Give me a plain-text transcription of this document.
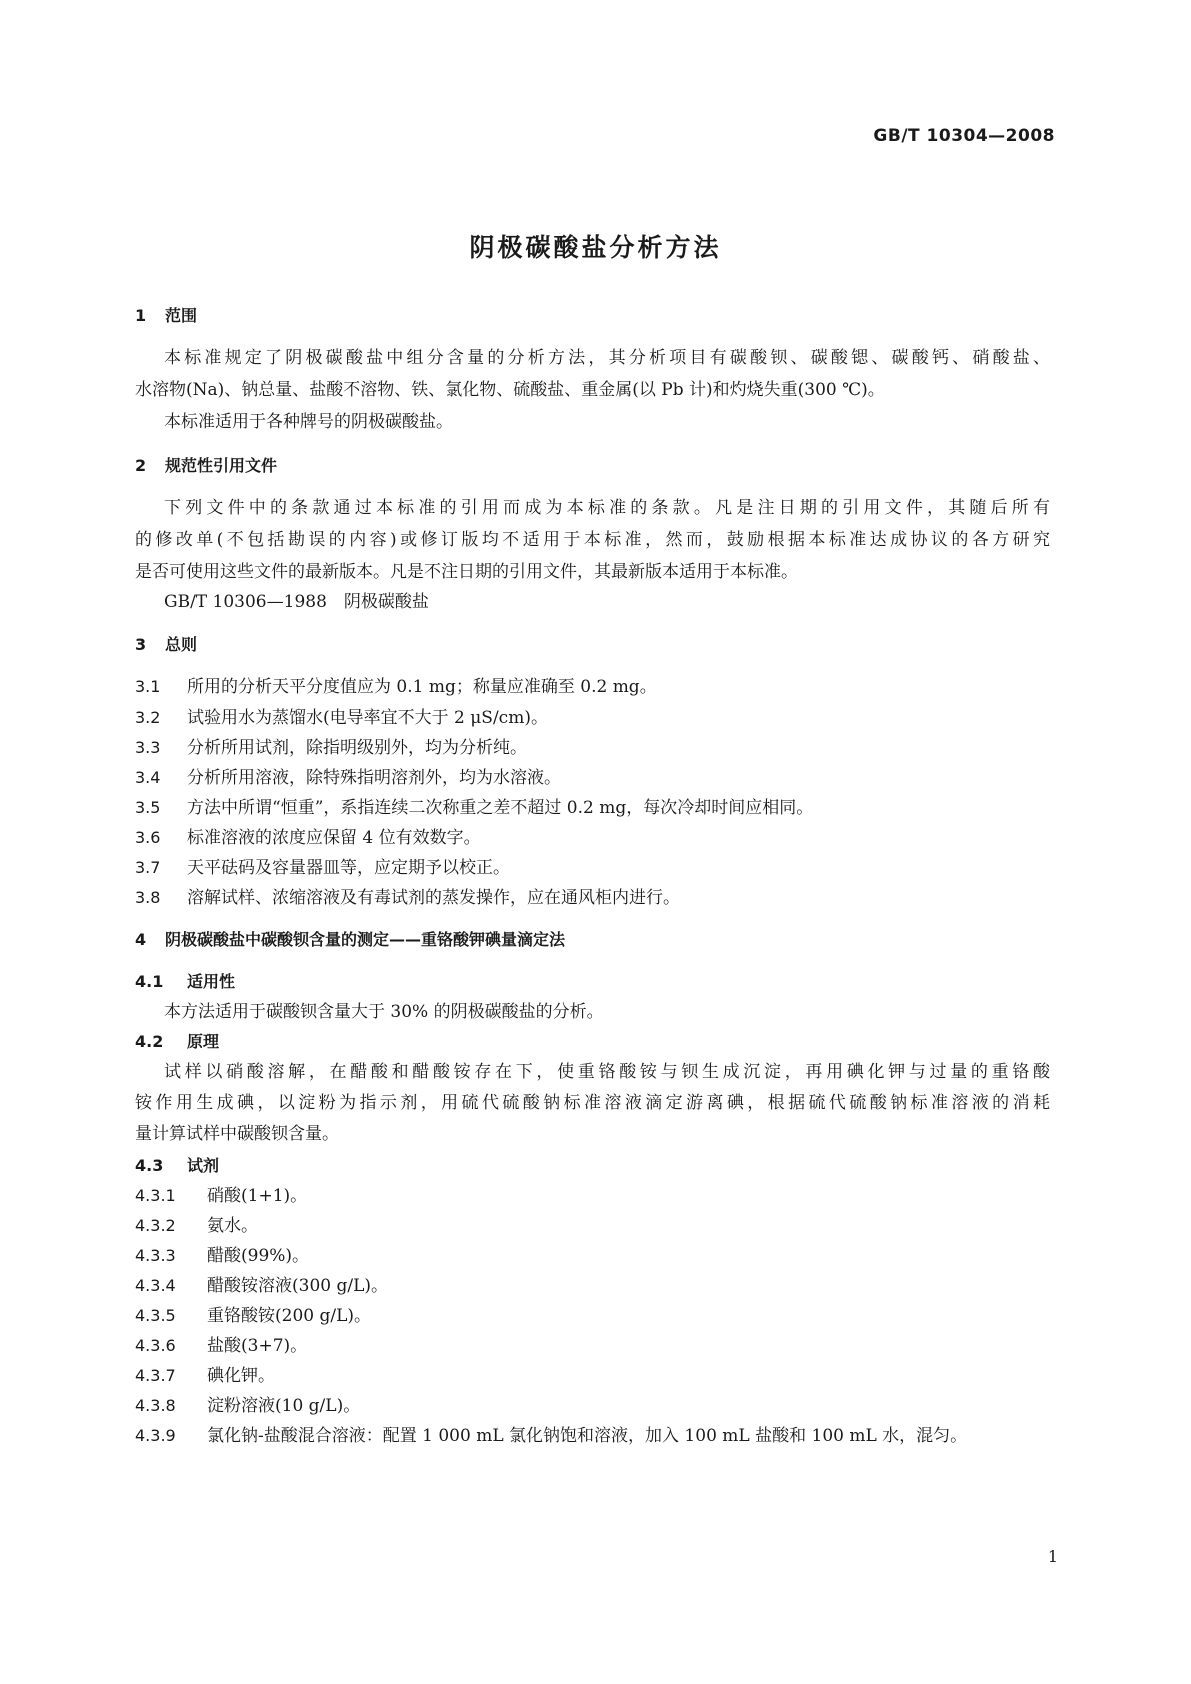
GB/T 10304—2008
阴极碳酸盐分析方法
1 范围
本标准规定了阴极碳酸盐中组分含量的分析方法，其分析项目有碳酸钡、碳酸锶、碳酸钙、硝酸盐、
水溶物(Na)、钠总量、盐酸不溶物、铁、氯化物、硫酸盐、重金属(以 Pb 计)和灼烧失重(300 ℃)。
本标准适用于各种牌号的阴极碳酸盐。
2 规范性引用文件
下列文件中的条款通过本标准的引用而成为本标准的条款。凡是注日期的引用文件，其随后所有
的修改单(不包括勘误的内容)或修订版均不适用于本标准，然而，鼓励根据本标准达成协议的各方研究
是否可使用这些文件的最新版本。凡是不注日期的引用文件，其最新版本适用于本标准。
GB/T 10306—1988　阴极碳酸盐
3 总则
3.1 所用的分析天平分度值应为 0.1 mg；称量应准确至 0.2 mg。
3.2 试验用水为蒸馏水(电导率宜不大于 2 μS/cm)。
3.3 分析所用试剂，除指明级别外，均为分析纯。
3.4 分析所用溶液，除特殊指明溶剂外，均为水溶液。
3.5 方法中所谓“恒重”，系指连续二次称重之差不超过 0.2 mg，每次冷却时间应相同。
3.6 标准溶液的浓度应保留 4 位有效数字。
3.7 天平砝码及容量器皿等，应定期予以校正。
3.8 溶解试样、浓缩溶液及有毒试剂的蒸发操作，应在通风柜内进行。
4 阴极碳酸盐中碳酸钡含量的测定——重铬酸钾碘量滴定法
4.1 适用性
本方法适用于碳酸钡含量大于 30% 的阴极碳酸盐的分析。
4.2 原理
试样以硝酸溶解，在醋酸和醋酸铵存在下，使重铬酸铵与钡生成沉淀，再用碘化钾与过量的重铬酸
铵作用生成碘，以淀粉为指示剂，用硫代硫酸钠标准溶液滴定游离碘，根据硫代硫酸钠标准溶液的消耗
量计算试样中碳酸钡含量。
4.3 试剂
4.3.1 硝酸(1+1)。
4.3.2 氨水。
4.3.3 醋酸(99%)。
4.3.4 醋酸铵溶液(300 g/L)。
4.3.5 重铬酸铵(200 g/L)。
4.3.6 盐酸(3+7)。
4.3.7 碘化钾。
4.3.8 淀粉溶液(10 g/L)。
4.3.9 氯化钠-盐酸混合溶液：配置 1 000 mL 氯化钠饱和溶液，加入 100 mL 盐酸和 100 mL 水，混匀。
1
